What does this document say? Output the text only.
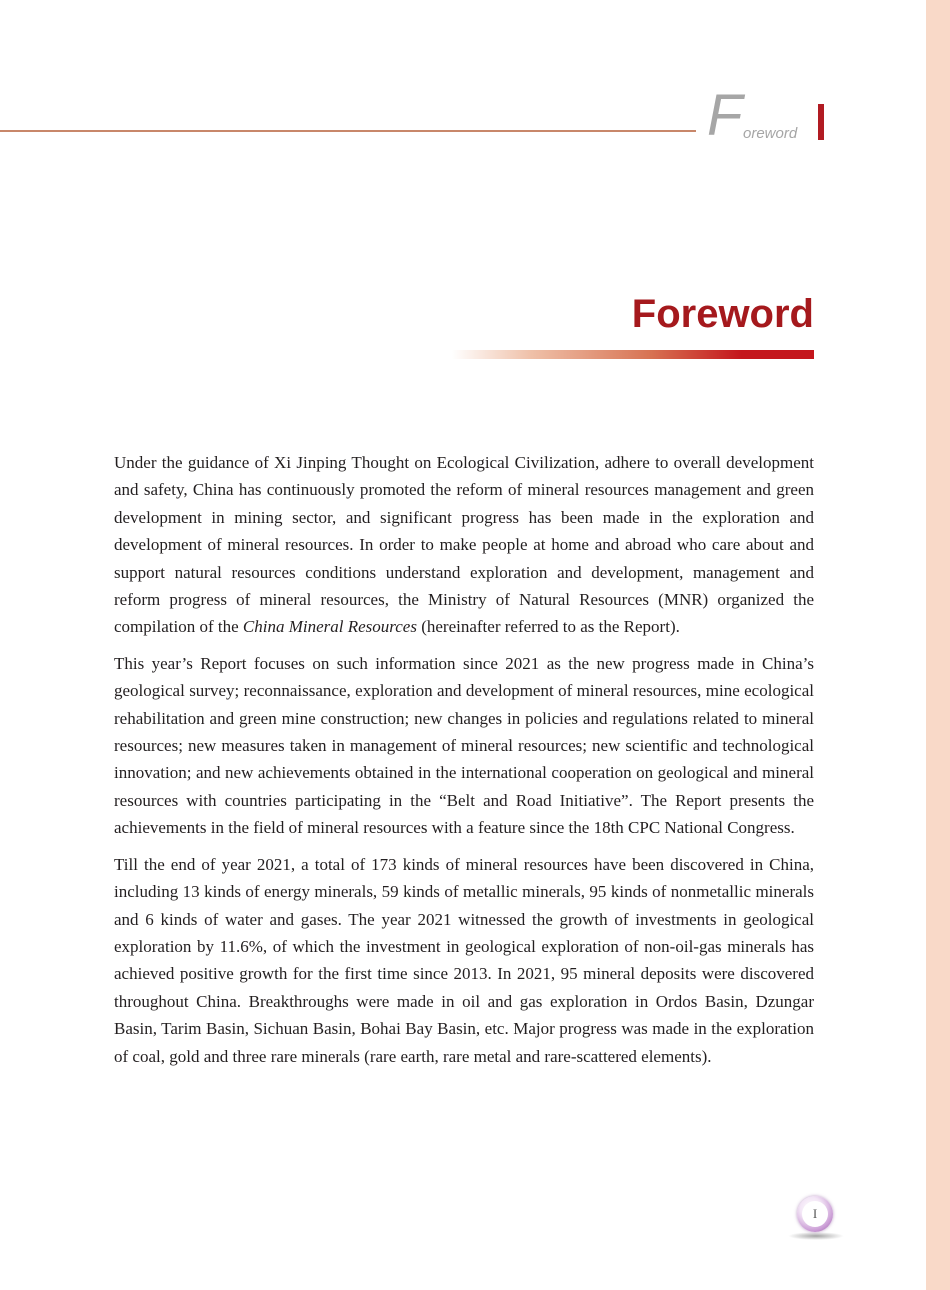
F oreword
Foreword

Under the guidance of Xi Jinping Thought on Ecological Civilization, adhere to overall development and safety, China has continuously promoted the reform of mineral resources management and green development in mining sector, and significant progress has been made in the exploration and development of mineral resources. In order to make people at home and abroad who care about and support natural resources conditions understand exploration and development, management and reform progress of mineral resources, the Ministry of Natural Resources (MNR) organized the compilation of the China Mineral Resources (hereinafter referred to as the Report).

This year’s Report focuses on such information since 2021 as the new progress made in China’s geological survey; reconnaissance, exploration and development of mineral resources, mine ecological rehabilitation and green mine construction; new changes in policies and regulations related to mineral resources; new measures taken in management of mineral resources; new scientific and technological innovation; and new achievements obtained in the international cooperation on geological and mineral resources with countries participating in the “Belt and Road Initiative”. The Report presents the achievements in the field of mineral resources with a feature since the 18th CPC National Congress.

Till the end of year 2021, a total of 173 kinds of mineral resources have been discovered in China, including 13 kinds of energy minerals, 59 kinds of metallic minerals, 95 kinds of nonmetallic minerals and 6 kinds of water and gases. The year 2021 witnessed the growth of investments in geological exploration by 11.6%, of which the investment in geological exploration of non-oil-gas minerals has achieved positive growth for the first time since 2013. In 2021, 95 mineral deposits were discovered throughout China. Breakthroughs were made in oil and gas exploration in Ordos Basin, Dzungar Basin, Tarim Basin, Sichuan Basin, Bohai Bay Basin, etc. Major progress was made in the exploration of coal, gold and three rare minerals (rare earth, rare metal and rare-scattered elements).

I
